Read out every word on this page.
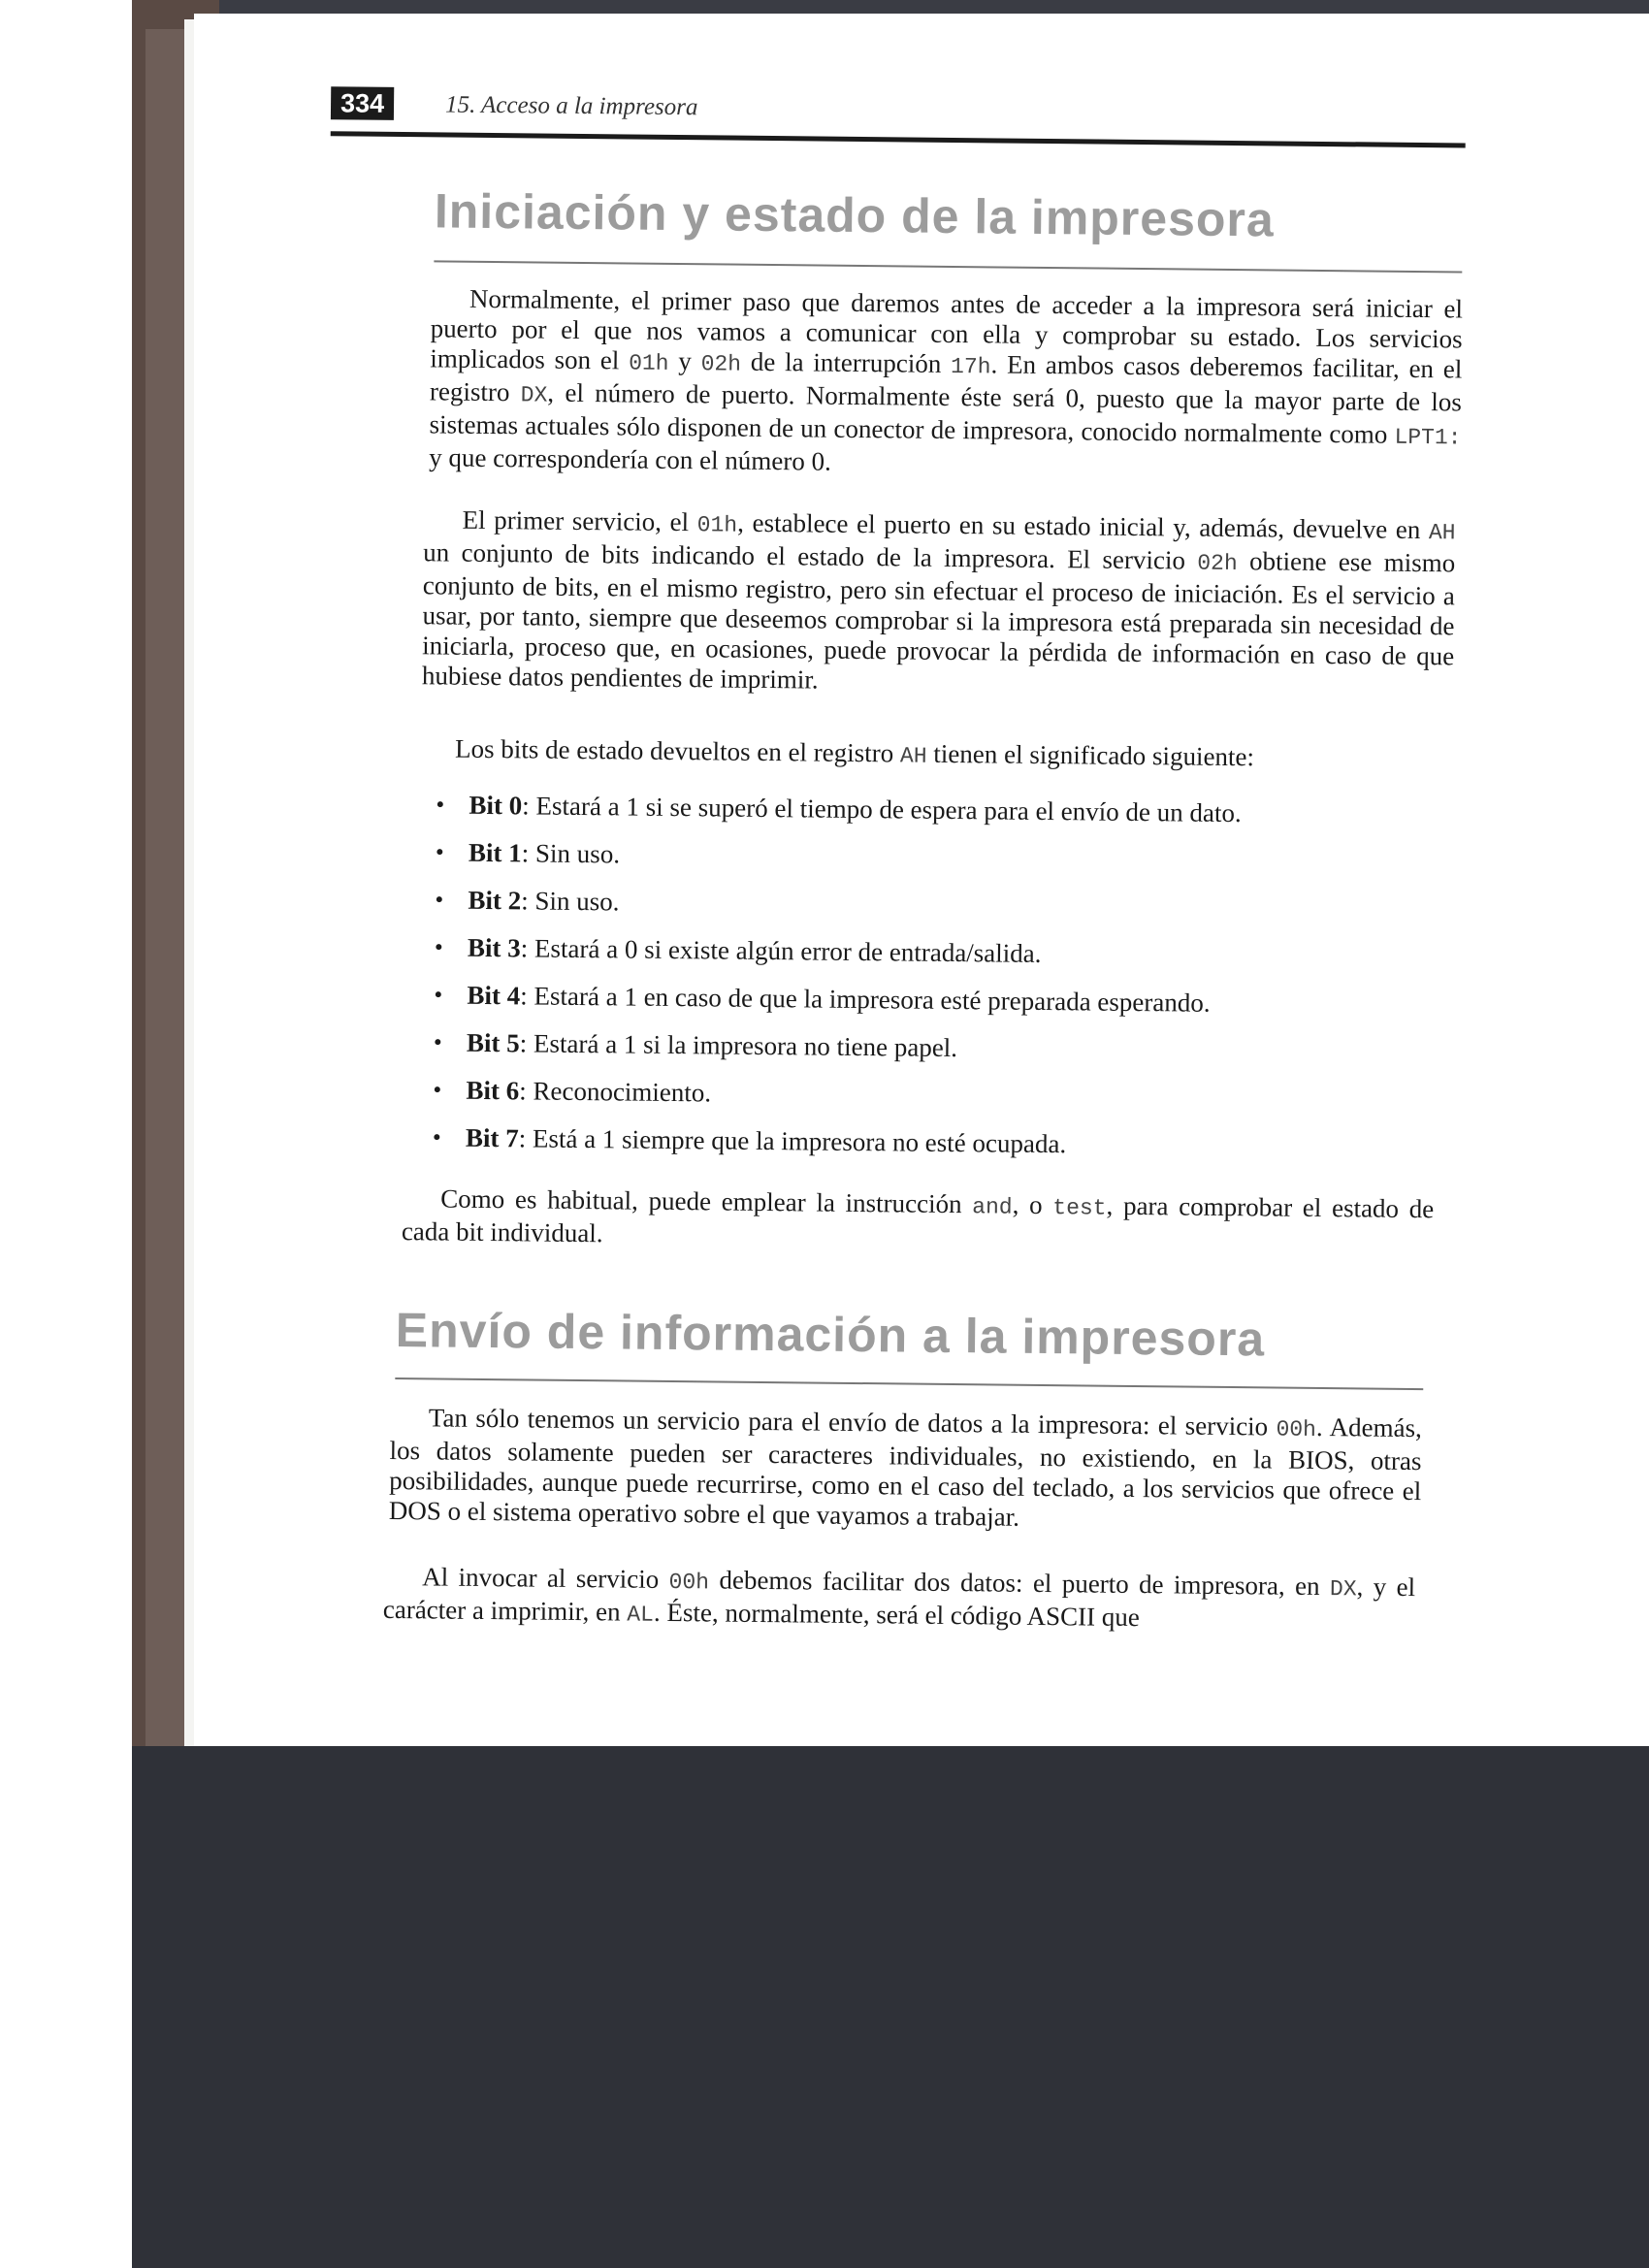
334	15. Acceso a la impresora
Iniciación y estado de la impresora

Normalmente, el primer paso que daremos antes de acceder a la impresora será iniciar el puerto por el que nos vamos a comunicar con ella y comprobar su estado. Los servicios implicados son el 01h y 02h de la interrupción 17h. En ambos casos deberemos facilitar, en el registro DX, el número de puerto. Normalmente éste será 0, puesto que la mayor parte de los sistemas actuales sólo disponen de un conector de impresora, conocido normalmente como LPT1: y que correspondería con el número 0.

El primer servicio, el 01h, establece el puerto en su estado inicial y, además, devuelve en AH un conjunto de bits indicando el estado de la impresora. El servicio 02h obtiene ese mismo conjunto de bits, en el mismo registro, pero sin efectuar el proceso de iniciación. Es el servicio a usar, por tanto, siempre que deseemos comprobar si la impresora está preparada sin necesidad de iniciarla, proceso que, en ocasiones, puede provocar la pérdida de información en caso de que hubiese datos pendientes de imprimir.

Los bits de estado devueltos en el registro AH tienen el significado siguiente:

• Bit 0: Estará a 1 si se superó el tiempo de espera para el envío de un dato.
• Bit 1: Sin uso.
• Bit 2: Sin uso.
• Bit 3: Estará a 0 si existe algún error de entrada/salida.
• Bit 4: Estará a 1 en caso de que la impresora esté preparada esperando.
• Bit 5: Estará a 1 si la impresora no tiene papel.
• Bit 6: Reconocimiento.
• Bit 7: Está a 1 siempre que la impresora no esté ocupada.

Como es habitual, puede emplear la instrucción and, o test, para comprobar el estado de cada bit individual.

Envío de información a la impresora

Tan sólo tenemos un servicio para el envío de datos a la impresora: el servicio 00h. Además, los datos solamente pueden ser caracteres individuales, no existiendo, en la BIOS, otras posibilidades, aunque puede recurrirse, como en el caso del teclado, a los servicios que ofrece el DOS o el sistema operativo sobre el que vayamos a trabajar.

Al invocar al servicio 00h debemos facilitar dos datos: el puerto de impresora, en DX, y el carácter a imprimir, en AL. Éste, normalmente, será el código ASCII que
